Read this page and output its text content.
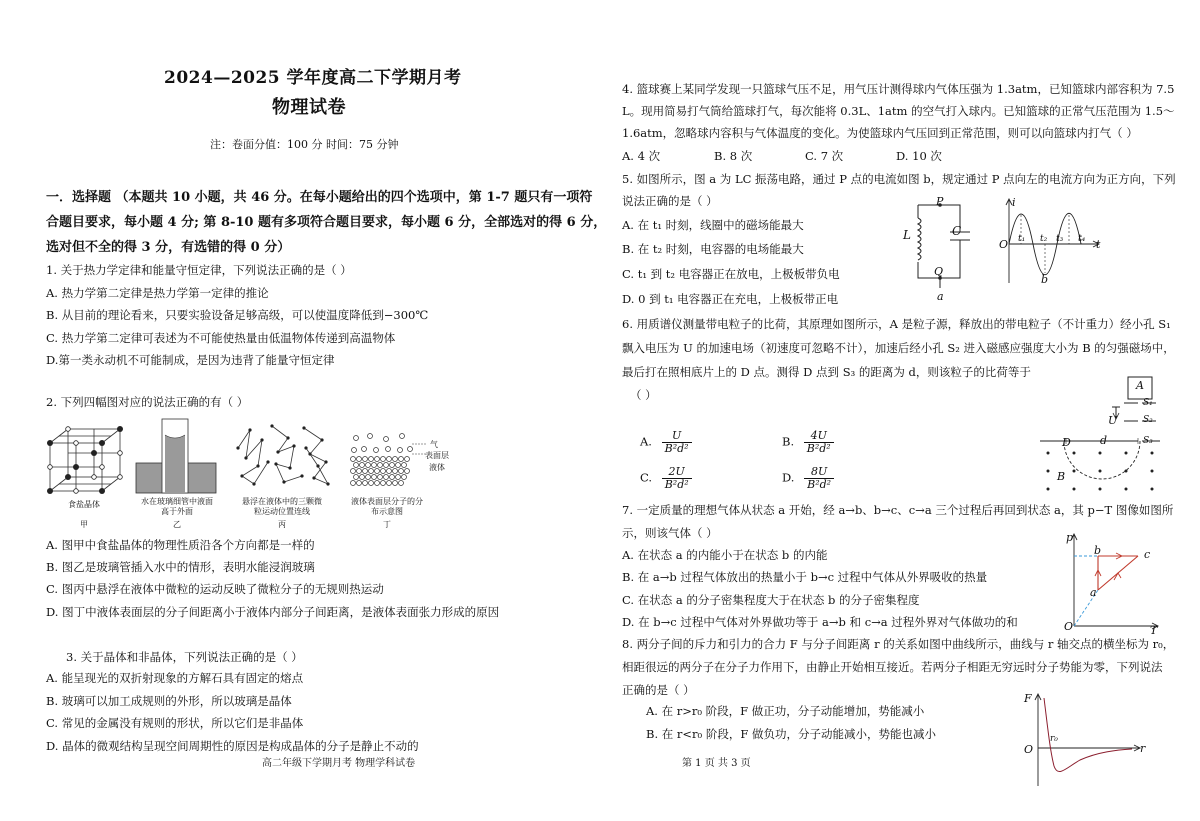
2024—2025 学年度高二下学期月考
物理试卷
注：卷面分值：100 分 时间：75 分钟
一．选择题 （本题共 10 小题，共 46 分。在每小题给出的四个选项中，第 1-7 题只有一项符
合题目要求，每小题 4 分; 第 8-10 题有多项符合题目要求，每小题 6 分，全部选对的得 6 分，
选对但不全的得 3 分，有选错的得 0 分）
1. 关于热力学定律和能量守恒定律，下列说法正确的是（ ）
A. 热力学第二定律是热力学第一定律的推论
B. 从目前的理论看来，只要实验设备足够高级，可以使温度降低到−300℃
C. 热力学第二定律可表述为不可能使热量由低温物体传递到高温物体
D.第一类永动机不可能制成，是因为违背了能量守恒定律
2. 下列四幅图对应的说法正确的有（ ）
食盐晶体
甲
水在玻璃细管中液面高于外面
乙
悬浮在液体中的三颗微粒运动位置连线
丙
气
表面层
液体
液体表面层分子的分布示意图
丁
A. 图甲中食盐晶体的物理性质沿各个方向都是一样的
B. 图乙是玻璃管插入水中的情形，表明水能浸润玻璃
C. 图丙中悬浮在液体中微粒的运动反映了微粒分子的无规则热运动
D. 图丁中液体表面层的分子间距离小于液体内部分子间距离，是液体表面张力形成的原因
3. 关于晶体和非晶体，下列说法正确的是（ ）
A. 能呈现光的双折射现象的方解石具有固定的熔点
B. 玻璃可以加工成规则的外形，所以玻璃是晶体
C. 常见的金属没有规则的形状，所以它们是非晶体
D. 晶体的微观结构呈现空间周期性的原因是构成晶体的分子是静止不动的
高二年级下学期月考 物理学科试卷
4. 篮球赛上某同学发现一只篮球气压不足，用气压计测得球内气体压强为 1.3atm，已知篮球内部容积为 7.5
L。现用简易打气筒给篮球打气，每次能将 0.3L、1atm 的空气打入球内。已知篮球的正常气压范围为 1.5～
1.6atm，忽略球内容积与气体温度的变化。为使篮球内气压回到正常范围，则可以向篮球内打气（ ）
A. 4 次	B. 8 次	C. 7 次	D. 10 次
5. 如图所示，图 a 为 LC 振荡电路，通过 P 点的电流如图 b，规定通过 P 点向左的电流方向为正方向，下列
说法正确的是（ ）
A. 在 t₁ 时刻，线圈中的磁场能最大
B. 在 t₂ 时刻，电容器的电场能最大
C. t₁ 到 t₂ 电容器正在放电，上极板带负电
D. 0 到 t₁ 电容器正在充电，上极板带正电
L	C
P
Q
a
i
O	t
t₁ t₂ t₃ t₄
b
6. 用质谱仪测量带电粒子的比荷，其原理如图所示，A 是粒子源，释放出的带电粒子（不计重力）经小孔 S₁
飘入电压为 U 的加速电场（初速度可忽略不计），加速后经小孔 S₂ 进入磁感应强度大小为 B 的匀强磁场中，
最后打在照相底片上的 D 点。测得 D 点到 S₃ 的距离为 d，则该粒子的比荷等于
（ ）
A. $\frac{U}{\text{B²d²}}$	B. $\frac{4U}{\text{B²d²}}$
C. $\frac{2U}{\text{B²d²}}$	D. $\frac{8U}{\text{B²d²}}$
A
S₁
S₂
S₃
U
D	d
B
7. 一定质量的理想气体从状态 a 开始，经 a→b、b→c、c→a 三个过程后再回到状态 a，其 p−T 图像如图所
示，则该气体（ ）
A. 在状态 a 的内能小于在状态 b 的内能
B. 在 a→b 过程气体放出的热量小于 b→c 过程中气体从外界吸收的热量
C. 在状态 a 的分子密集程度大于在状态 b 的分子密集程度
D. 在 b→c 过程中气体对外界做功等于 a→b 和 c→a 过程外界对气体做功的和
p
T
O
a
b	c
8. 两分子间的斥力和引力的合力 F 与分子间距离 r 的关系如图中曲线所示，曲线与 r 轴交点的横坐标为 r₀，
相距很远的两分子在分子力作用下，由静止开始相互接近。若两分子相距无穷远时分子势能为零，下列说法
正确的是（ ）
A. 在 r>r₀ 阶段，F 做正功，分子动能增加，势能减小
B. 在 r<r₀ 阶段，F 做负功，分子动能减小，势能也减小
F
O	r
r₀
第 1 页 共 3 页
